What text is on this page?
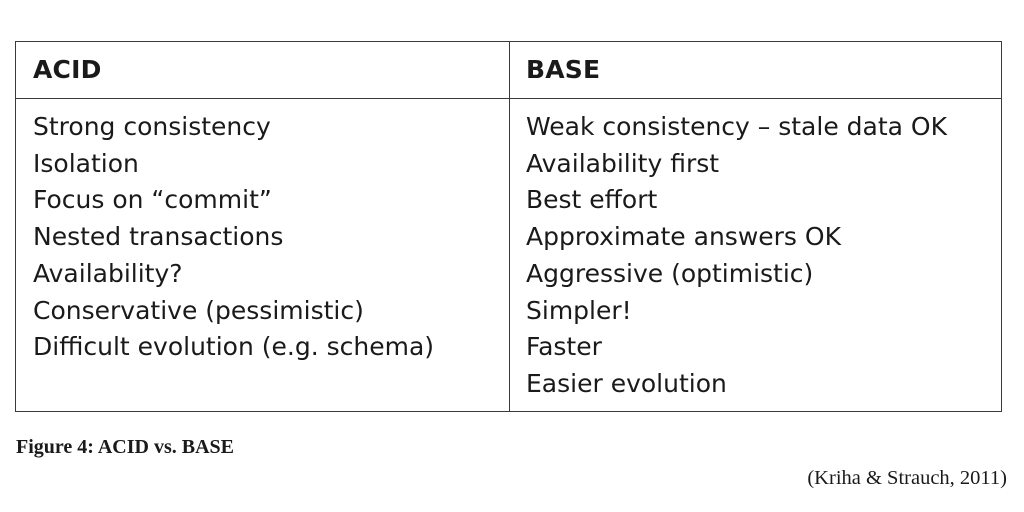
ACID	BASE
Strong consistency
Isolation
Focus on “commit”
Nested transactions
Availability?
Conservative (pessimistic)
Difficult evolution (e.g. schema)
Weak consistency – stale data OK
Availability first
Best effort
Approximate answers OK
Aggressive (optimistic)
Simpler!
Faster
Easier evolution
Figure 4: ACID vs. BASE
(Kriha & Strauch, 2011)
